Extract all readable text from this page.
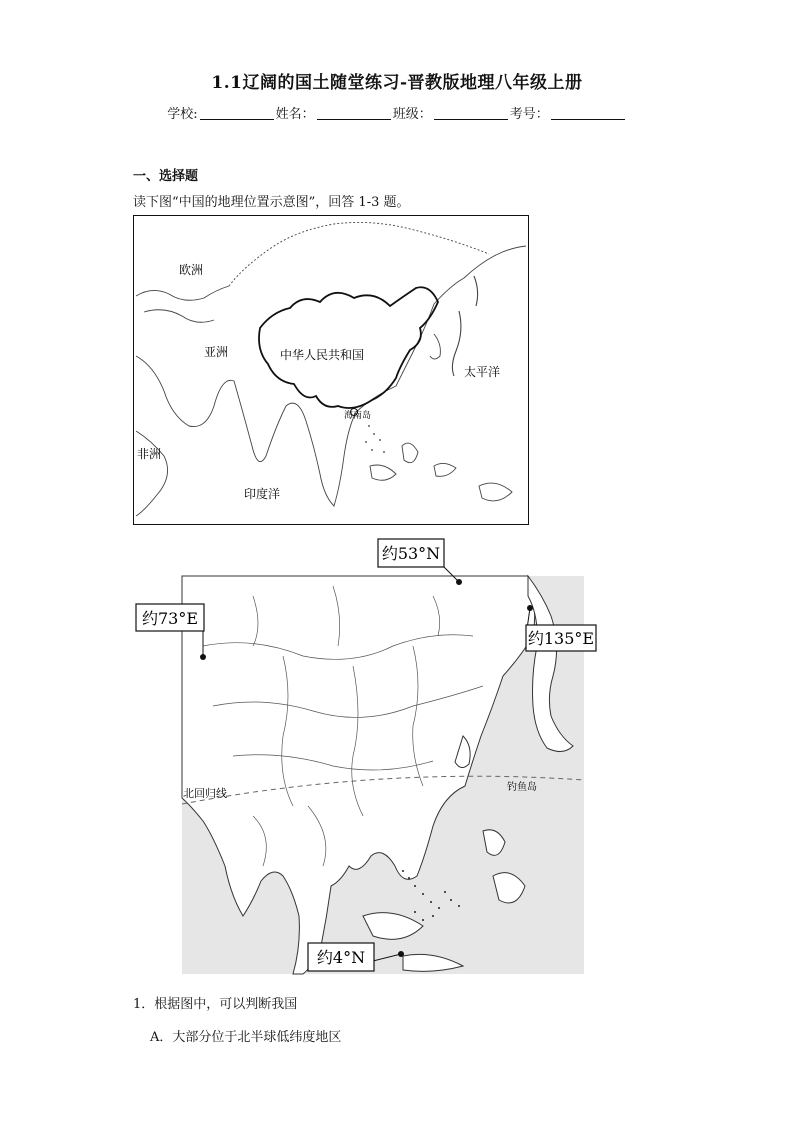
1.1辽阔的国土随堂练习-晋教版地理八年级上册
学校:	姓名：	班级：	考号：
一、选择题
读下图“中国的地理位置示意图”，回答 1-3 题。
欧洲
亚洲	中华人民共和国
太平洋
海南岛
非洲
印度洋
约53°N
约73°E
约135°E
约4°N
北回归线	钓鱼岛
1．根据图中，可以判断我国
A．大部分位于北半球低纬度地区
